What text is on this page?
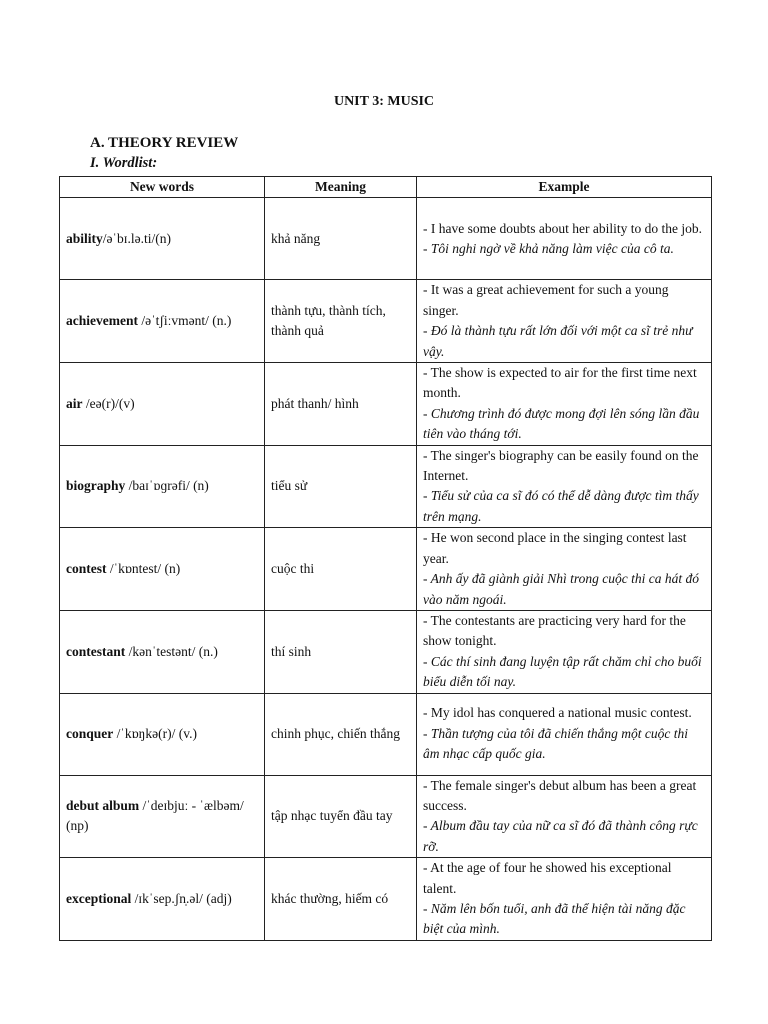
UNIT 3: MUSIC
A. THEORY REVIEW
I. Wordlist:
New words	Meaning	Example
ability/əˈbɪ.lə.ti/(n)	khả năng	- I have some doubts about her ability to do the job.
- Tôi nghi ngờ về khả năng làm việc của cô ta.

achievement /əˈtʃiːvmənt/ (n.)	thành tựu, thành tích, thành quả	- It was a great achievement for such a young singer.
- Đó là thành tựu rất lớn đối với một ca sĩ trẻ như vậy.

air /eə(r)/(v)	phát thanh/ hình	- The show is expected to air for the first time next month.
- Chương trình đó được mong đợi lên sóng lần đầu tiên vào tháng tới.

biography /baɪˈɒɡrəfi/ (n)	tiểu sử	- The singer's biography can be easily found on the Internet.
- Tiểu sử của ca sĩ đó có thể dễ dàng được tìm thấy trên mạng.

contest /ˈkɒntest/ (n)	cuộc thi	- He won second place in the singing contest last year.
- Anh ấy đã giành giải Nhì trong cuộc thi ca hát đó vào năm ngoái.

contestant /kənˈtestənt/ (n.)	thí sinh	- The contestants are practicing very hard for the show tonight.
- Các thí sinh đang luyện tập rất chăm chỉ cho buổi biểu diễn tối nay.

conquer /ˈkɒŋkə(r)/ (v.)	chinh phục, chiến thắng	- My idol has conquered a national music contest.
- Thần tượng của tôi đã chiến thắng một cuộc thi âm nhạc cấp quốc gia.

debut album /ˈdeɪbjuː - ˈælbəm/ (np)	tập nhạc tuyển đầu tay	- The female singer's debut album has been a great success.
- Album đầu tay của nữ ca sĩ đó đã thành công rực rỡ.

exceptional /ɪkˈsep.ʃn̩.əl/ (adj)	khác thường, hiếm có	- At the age of four he showed his exceptional talent.
- Năm lên bốn tuổi, anh đã thể hiện tài năng đặc biệt của mình.
